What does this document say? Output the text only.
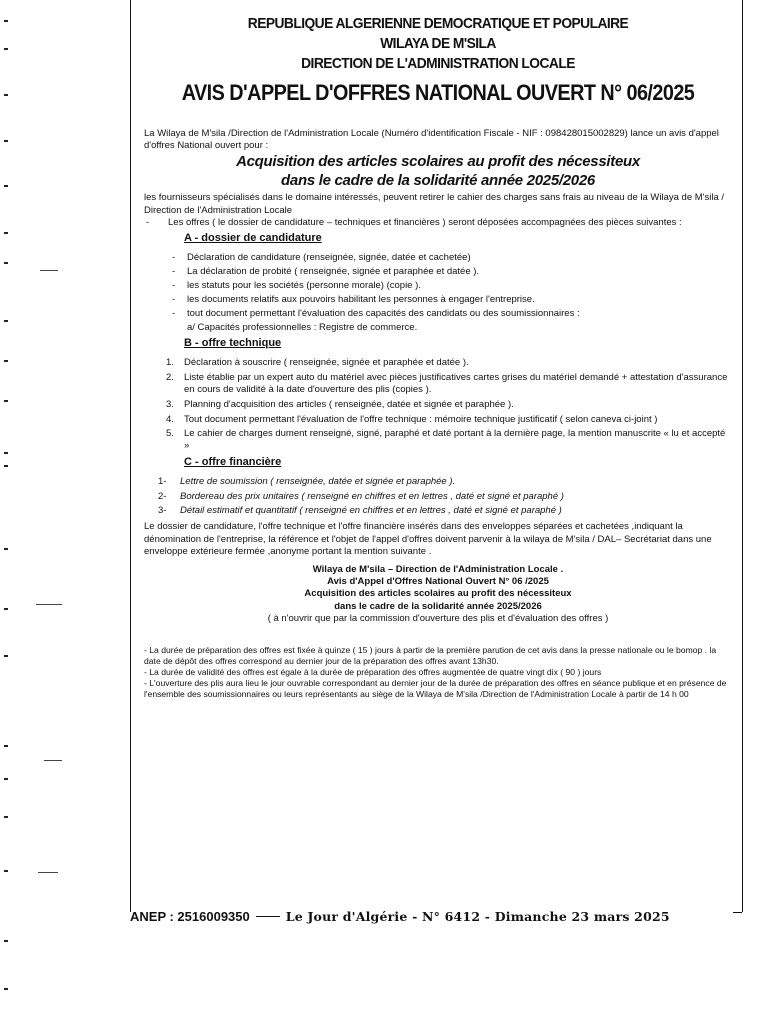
REPUBLIQUE ALGERIENNE DEMOCRATIQUE ET POPULAIRE
WILAYA DE M'SILA
DIRECTION DE L'ADMINISTRATION LOCALE
AVIS D'APPEL D'OFFRES NATIONAL OUVERT N° 06/2025
La Wilaya de M'sila /Direction de l'Administration Locale (Numéro d'identification Fiscale - NIF : 098428015002829) lance un avis d'appel d'offres National ouvert pour :
Acquisition des articles scolaires au profit des nécessiteux
dans le cadre de la solidarité année 2025/2026
les fournisseurs spécialisés dans le domaine intéressés, peuvent retirer le cahier des charges sans frais au niveau de la Wilaya de M'sila / Direction de l'Administration Locale
-	Les offres ( le dossier de candidature – techniques et financières ) seront déposées accompagnées des pièces suivantes :
A - dossier de candidature
- Déclaration de candidature (renseignée, signée, datée et cachetée)
- La déclaration de probité ( renseignée, signée et paraphée et datée ).
- les statuts pour les sociétés (personne morale) (copie ).
- les documents relatifs aux pouvoirs habilitant les personnes à engager l'entreprise.
- tout document permettant l'évaluation des capacités des candidats ou des soumissionnaires :
a/ Capacités professionnelles : Registre de commerce.
B - offre technique
1.	Déclaration à souscrire ( renseignée, signée et paraphée et datée ).
2.	Liste établie par un expert auto du matériel avec pièces justificatives cartes grises du matériel demandé + attestation d'assurance en cours de validité à la date d'ouverture des plis (copies ).
3.	Planning d'acquisition des articles ( renseignée, datée et signée et paraphée ).
4.	Tout document permettant l'évaluation de l'offre technique : mémoire technique justificatif ( selon caneva ci-joint )
5.	Le cahier de charges dument renseigné, signé, paraphé et daté portant à la dernière page, la mention manuscrite « lu et accepté »
C - offre financière
1-	Lettre de soumission ( renseignée, datée et signée et paraphée ).
2-	Bordereau des prix unitaires ( renseigné en chiffres et en lettres , daté et signé et paraphé )
3-	Détail estimatif et quantitatif ( renseigné en chiffres et en lettres , daté et signé et paraphé )
Le dossier de candidature, l'offre technique et l'offre financière insérés dans des enveloppes séparées et cachetées ,indiquant la dénomination de l'entreprise, la référence et l'objet de l'appel d'offres doivent parvenir à la wilaya de M'sila / DAL– Secrétariat dans une enveloppe extérieure fermée ,anonyme portant la mention suivante .
Wilaya de M'sila – Direction de l'Administration Locale .
Avis d'Appel d'Offres National Ouvert N° 06 /2025
Acquisition des articles scolaires au profit des nécessiteux
dans le cadre de la solidarité année 2025/2026
( à n'ouvrir que par la commission d'ouverture des plis et d'évaluation des offres )
- La durée de préparation des offres est fixée à quinze ( 15 ) jours à partir de la première parution de cet avis dans la presse nationale ou le bomop . la date de dépôt des offres correspond au dernier jour de la préparation des offres avant 13h30.
- La durée de validité des offres est égale à la durée de préparation des offres augmentée de quatre vingt dix ( 90 ) jours
- L'ouverture des plis aura lieu le jour ouvrable correspondant au dernier jour de la durée de préparation des offres en séance publique et en présence de l'ensemble des soumissionnaires ou leurs représentants au siège de la Wilaya de M'sila /Direction de l'Administration Locale à partir de 14 h 00
ANEP : 2516009350	Le Jour d'Algérie - N° 6412 - Dimanche 23 mars 2025
